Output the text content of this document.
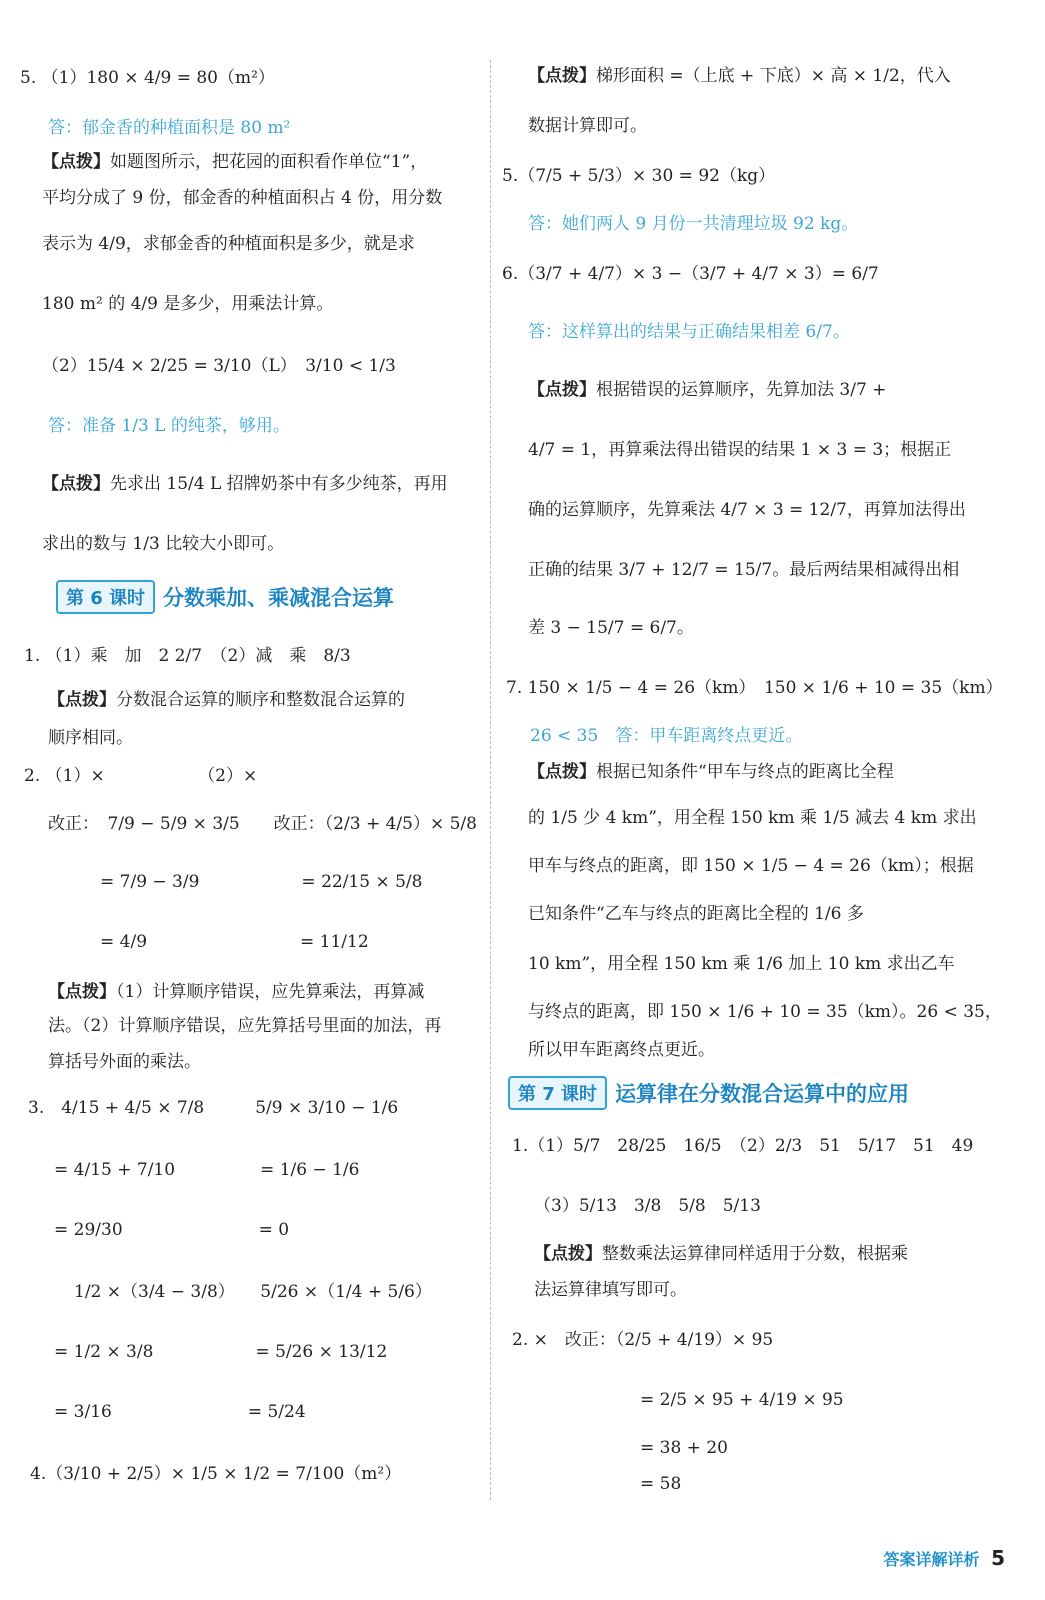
5. （1）180 × 4/9 = 80（m²）
答：郁金香的种植面积是 80 m²
【点拨】如题图所示，把花园的面积看作单位“1”，
平均分成了 9 份，郁金香的种植面积占 4 份，用分数
表示为 4/9，求郁金香的种植面积是多少，就是求
180 m² 的 4/9 是多少，用乘法计算。
（2）15/4 × 2/25 = 3/10（L）　3/10 < 1/3
答：准备 1/3 L 的纯茶，够用。
【点拨】先求出 15/4 L 招牌奶茶中有多少纯茶，再用
求出的数与 1/3 比较大小即可。
第 6 课时 分数乘加、乘减混合运算
1. （1）乘　加　2 2/7　（2）减　乘　8/3
【点拨】分数混合运算的顺序和整数混合运算的
顺序相同。
2. （1）×　　　　　　（2）×
改正：　7/9 − 5/9 × 3/5　　改正：（2/3 + 4/5）× 5/8
= 7/9 − 3/9　　　　　　= 22/15 × 5/8
= 4/9　　　　　　　　　= 11/12
【点拨】（1）计算顺序错误，应先算乘法，再算减
法。（2）计算顺序错误，应先算括号里面的加法，再
算括号外面的乘法。
3.　4/15 + 4/5 × 7/8　　　5/9 × 3/10 − 1/6
= 4/15 + 7/10　　　　　= 1/6 − 1/6
= 29/30　　　　　　　　= 0
1/2 ×（3/4 − 3/8）　　5/26 ×（1/4 + 5/6）
= 1/2 × 3/8　　　　　　= 5/26 × 13/12
= 3/16　　　　　　　　= 5/24
4.（3/10 + 2/5）× 1/5 × 1/2 = 7/100（m²）
【点拨】梯形面积 =（上底 + 下底）× 高 × 1/2，代入
数据计算即可。
5.（7/5 + 5/3）× 30 = 92（kg）
答：她们两人 9 月份一共清理垃圾 92 kg。
6.（3/7 + 4/7）× 3 −（3/7 + 4/7 × 3）= 6/7
答：这样算出的结果与正确结果相差 6/7。
【点拨】根据错误的运算顺序，先算加法 3/7 +
4/7 = 1，再算乘法得出错误的结果 1 × 3 = 3；根据正
确的运算顺序，先算乘法 4/7 × 3 = 12/7，再算加法得出
正确的结果 3/7 + 12/7 = 15/7。最后两结果相减得出相
差 3 − 15/7 = 6/7。
7. 150 × 1/5 − 4 = 26（km）　150 × 1/6 + 10 = 35（km）
26 < 35　答：甲车距离终点更近。
【点拨】根据已知条件“甲车与终点的距离比全程
的 1/5 少 4 km”，用全程 150 km 乘 1/5 减去 4 km 求出
甲车与终点的距离，即 150 × 1/5 − 4 = 26（km）；根据
已知条件“乙车与终点的距离比全程的 1/6 多
10 km”，用全程 150 km 乘 1/6 加上 10 km 求出乙车
与终点的距离，即 150 × 1/6 + 10 = 35（km）。26 < 35，
所以甲车距离终点更近。
第 7 课时 运算律在分数混合运算中的应用
1.（1）5/7　28/25　16/5　（2）2/3　51　5/17　51　49
（3）5/13　3/8　5/8　5/13
【点拨】整数乘法运算律同样适用于分数，根据乘
法运算律填写即可。
2. ×　改正：（2/5 + 4/19）× 95
= 2/5 × 95 + 4/19 × 95
= 38 + 20
= 58
答案详解详析 5
